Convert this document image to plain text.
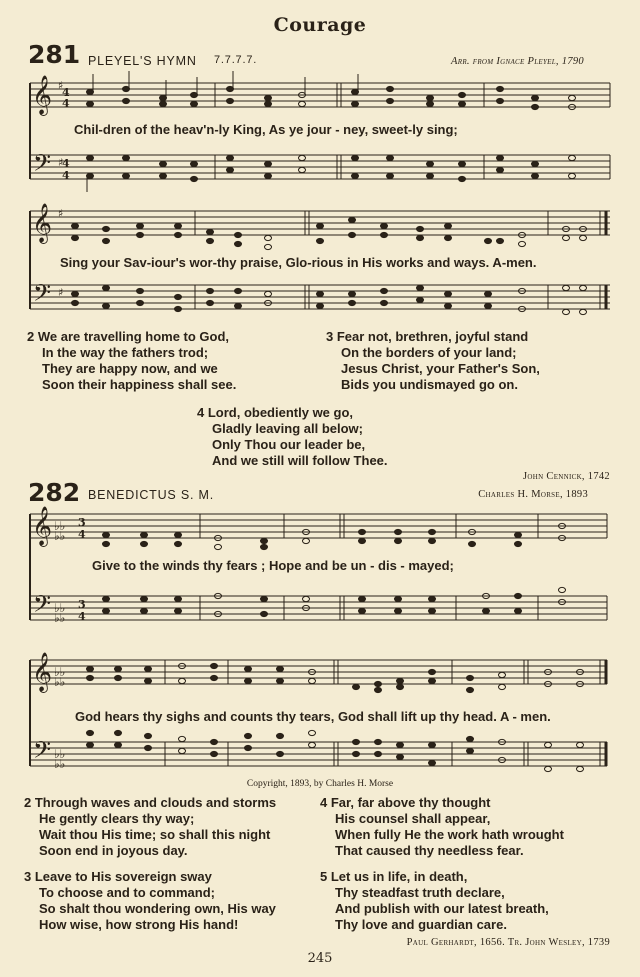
Courage
281 PLEYEL'S HYMN 7.7.7.7.	Arr. from Ignace Pleyel, 1790
𝄞
𝄢
♯
♯
4
4
4
4
Chil-dren of the heav'n-ly King, As ye jour - ney, sweet-ly sing;
𝄞
𝄢
♯
♯
Sing your Sav-iour's wor-thy praise, Glo-rious in His works and ways. A-men.
2 We are travelling home to God,
In the way the fathers trod;
They are happy now, and we
Soon their happiness shall see.
3 Fear not, brethren, joyful stand
On the borders of your land;
Jesus Christ, your Father's Son,
Bids you undismayed go on.
4 Lord, obediently we go,
Gladly leaving all below;
Only Thou our leader be,
And we still will follow Thee.
John Cennick, 1742
282 BENEDICTUS S. M.	Charles H. Morse, 1893
𝄞
𝄢
♭♭
♭♭
♭♭
♭♭
3
4
3
4
Give to the winds thy fears ; Hope and be un - dis - mayed;
𝄞
𝄢
♭♭
♭♭
♭♭
♭♭
God hears thy sighs and counts thy tears, God shall lift up thy head. A - men.
Copyright, 1893, by Charles H. Morse
2 Through waves and clouds and storms
He gently clears thy way;
Wait thou His time; so shall this night
Soon end in joyous day.
4 Far, far above thy thought
His counsel shall appear,
When fully He the work hath wrought
That caused thy needless fear.
3 Leave to His sovereign sway
To choose and to command;
So shalt thou wondering own, His way
How wise, how strong His hand!
5 Let us in life, in death,
Thy steadfast truth declare,
And publish with our latest breath,
Thy love and guardian care.
Paul Gerhardt, 1656. Tr. John Wesley, 1739
245
